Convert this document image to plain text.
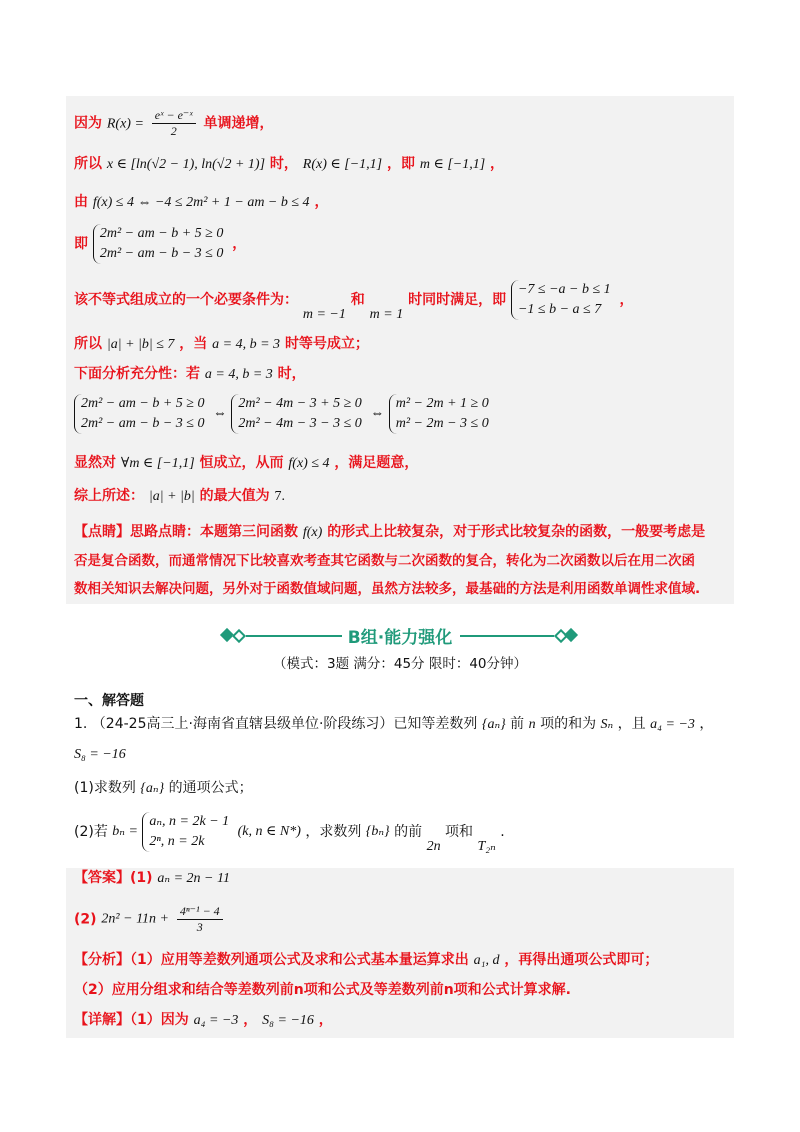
因为 $R(x) = \frac{\text{eˣ − e⁻ˣ}}{2}$ 单调递增，
所以 x ∈ [ln(√2 − 1), ln(√2 + 1)] 时， R(x) ∈ [−1,1] ，即 m ∈ [−1,1] ，
由 f(x) ≤ 4 ⇔ −4 ≤ 2m² + 1 − am − b ≤ 4 ，
即
2m² − am − b + 5 ≥ 0
2m² − am − b − 3 ≤ 0
，
该不等式组成立的一个必要条件为： m = −1 和 m = 1 时同时满足，即
−7 ≤ −a − b ≤ 1
−1 ≤ b − a ≤ 7
，
所以 |a| + |b| ≤ 7 ，当 a = 4, b = 3 时等号成立；
下面分析充分性：若 a = 4, b = 3 时，
2m² − am − b + 5 ≥ 0
2m² − am − b − 3 ≤ 0
⇔
2m² − 4m − 3 + 5 ≥ 0
2m² − 4m − 3 − 3 ≤ 0
⇔
m² − 2m + 1 ≥ 0
m² − 2m − 3 ≤ 0
显然对 ∀m ∈ [−1,1] 恒成立，从而 f(x) ≤ 4 ，满足题意，
综上所述： |a| + |b| 的最大值为 7.
【点睛】思路点睛：本题第三问函数 f(x) 的形式上比较复杂，对于形式比较复杂的函数，一般要考虑是
否是复合函数，而通常情况下比较喜欢考查其它函数与二次函数的复合，转化为二次函数以后在用二次函
数相关知识去解决问题，另外对于函数值域问题，虽然方法较多，最基础的方法是利用函数单调性求值域.
B组·能力强化
（模式：3题 满分：45分 限时：40分钟）
一、解答题
1. （24-25高三上·海南省直辖县级单位·阶段练习）已知等差数列 {aₙ} 前 n 项的和为 Sₙ ，且 a₄ = −3 ，
S₈ = −16
(1)求数列 {aₙ} 的通项公式；
(2)若 bₙ =
aₙ, n = 2k − 1
2ⁿ, n = 2k
(k, n ∈ N*) ，求数列 {bₙ} 的前 2n 项和 T₂ₙ .
【答案】(1) aₙ = 2n − 11
(2) $2n^2 - 11n + \frac{\text{4ⁿ⁻¹ − 4}}{3}$
【分析】（1）应用等差数列通项公式及求和公式基本量运算求出 a₁, d ，再得出通项公式即可；
（2）应用分组求和结合等差数列前n项和公式及等差数列前n项和公式计算求解.
【详解】（1）因为 a₄ = −3 ， S₈ = −16 ，
